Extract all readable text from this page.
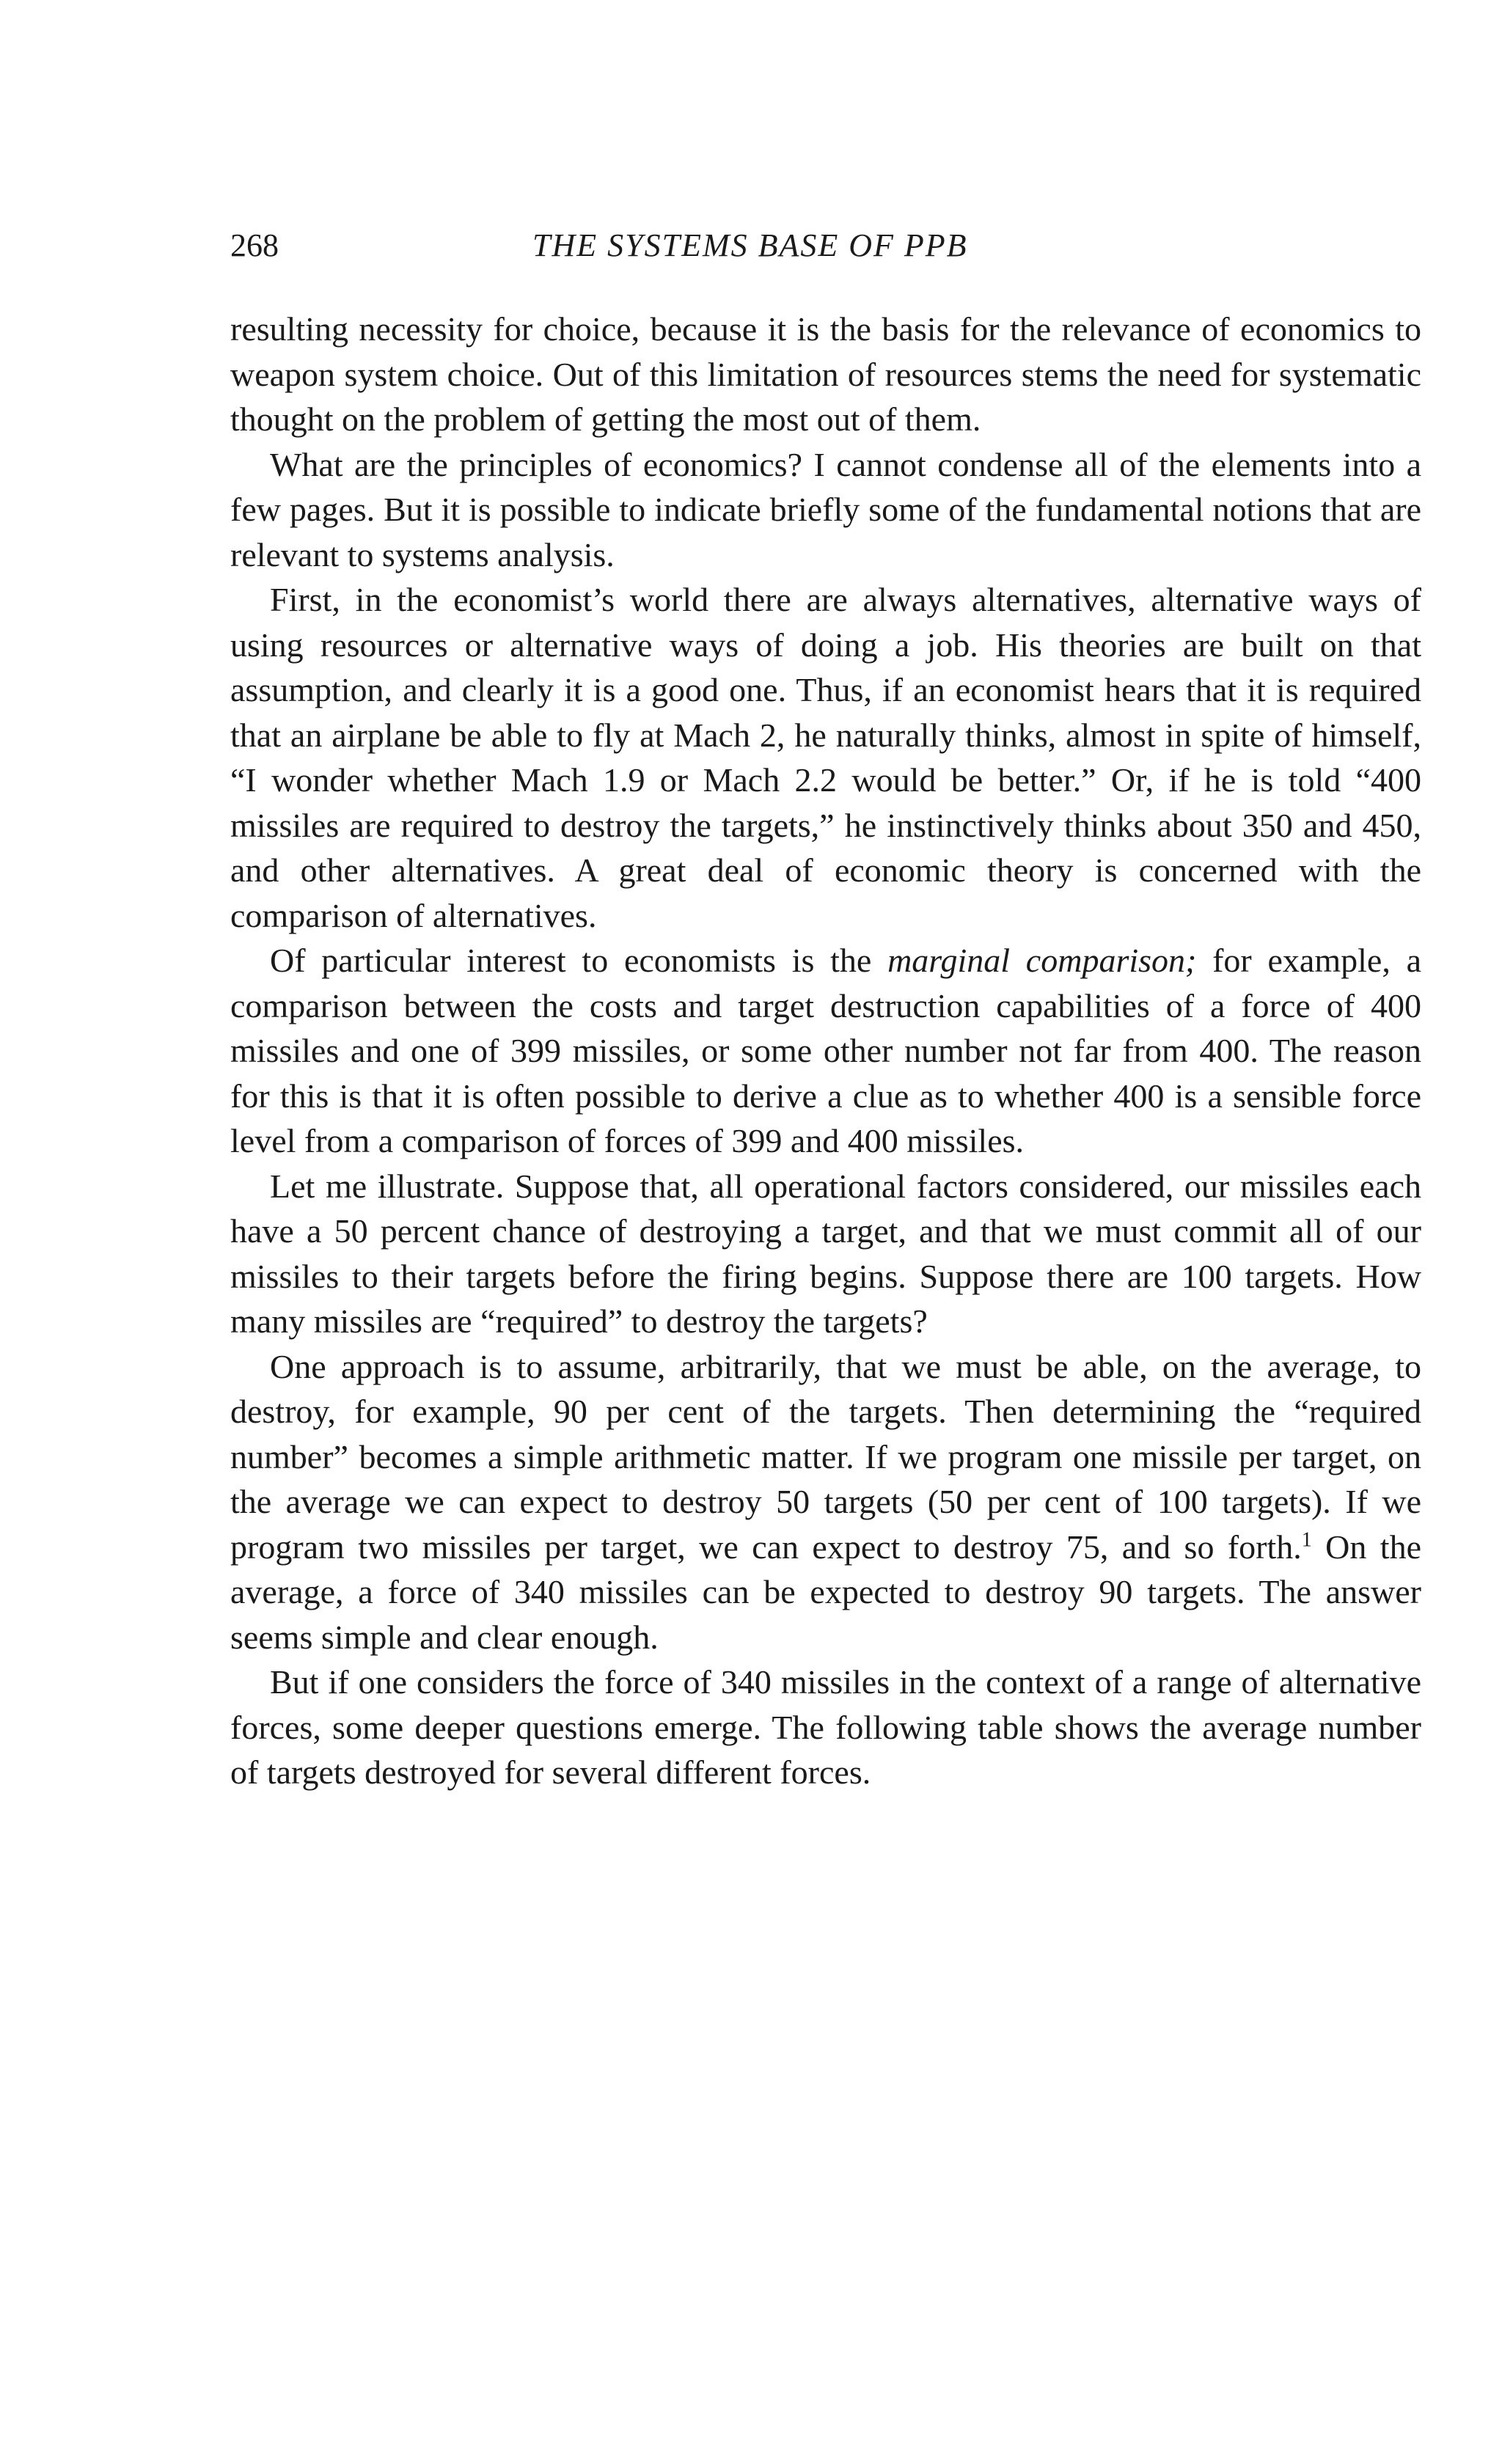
268	THE SYSTEMS BASE OF PPB

resulting necessity for choice, because it is the basis for the relevance of economics to weapon system choice. Out of this limitation of resources stems the need for systematic thought on the problem of getting the most out of them.

What are the principles of economics? I cannot condense all of the elements into a few pages. But it is possible to indicate briefly some of the fundamental notions that are relevant to systems analysis.

First, in the economist’s world there are always alternatives, alternative ways of using resources or alternative ways of doing a job. His theories are built on that assumption, and clearly it is a good one. Thus, if an economist hears that it is required that an airplane be able to fly at Mach 2, he naturally thinks, almost in spite of himself, “I wonder whether Mach 1.9 or Mach 2.2 would be better.” Or, if he is told “400 missiles are required to destroy the targets,” he instinctively thinks about 350 and 450, and other alternatives. A great deal of economic theory is concerned with the comparison of alternatives.

Of particular interest to economists is the marginal comparison; for example, a comparison between the costs and target destruction capabilities of a force of 400 missiles and one of 399 missiles, or some other number not far from 400. The reason for this is that it is often possible to derive a clue as to whether 400 is a sensible force level from a comparison of forces of 399 and 400 missiles.

Let me illustrate. Suppose that, all operational factors considered, our missiles each have a 50 percent chance of destroying a target, and that we must commit all of our missiles to their targets before the firing begins. Suppose there are 100 targets. How many missiles are “required” to destroy the targets?

One approach is to assume, arbitrarily, that we must be able, on the average, to destroy, for example, 90 per cent of the targets. Then determining the “required number” becomes a simple arithmetic matter. If we program one missile per target, on the average we can expect to destroy 50 targets (50 per cent of 100 targets). If we program two missiles per target, we can expect to destroy 75, and so forth.$^1$ On the average, a force of 340 missiles can be expected to destroy 90 targets. The answer seems simple and clear enough.

But if one considers the force of 340 missiles in the context of a range of alternative forces, some deeper questions emerge. The following table shows the average number of targets destroyed for several different forces.
